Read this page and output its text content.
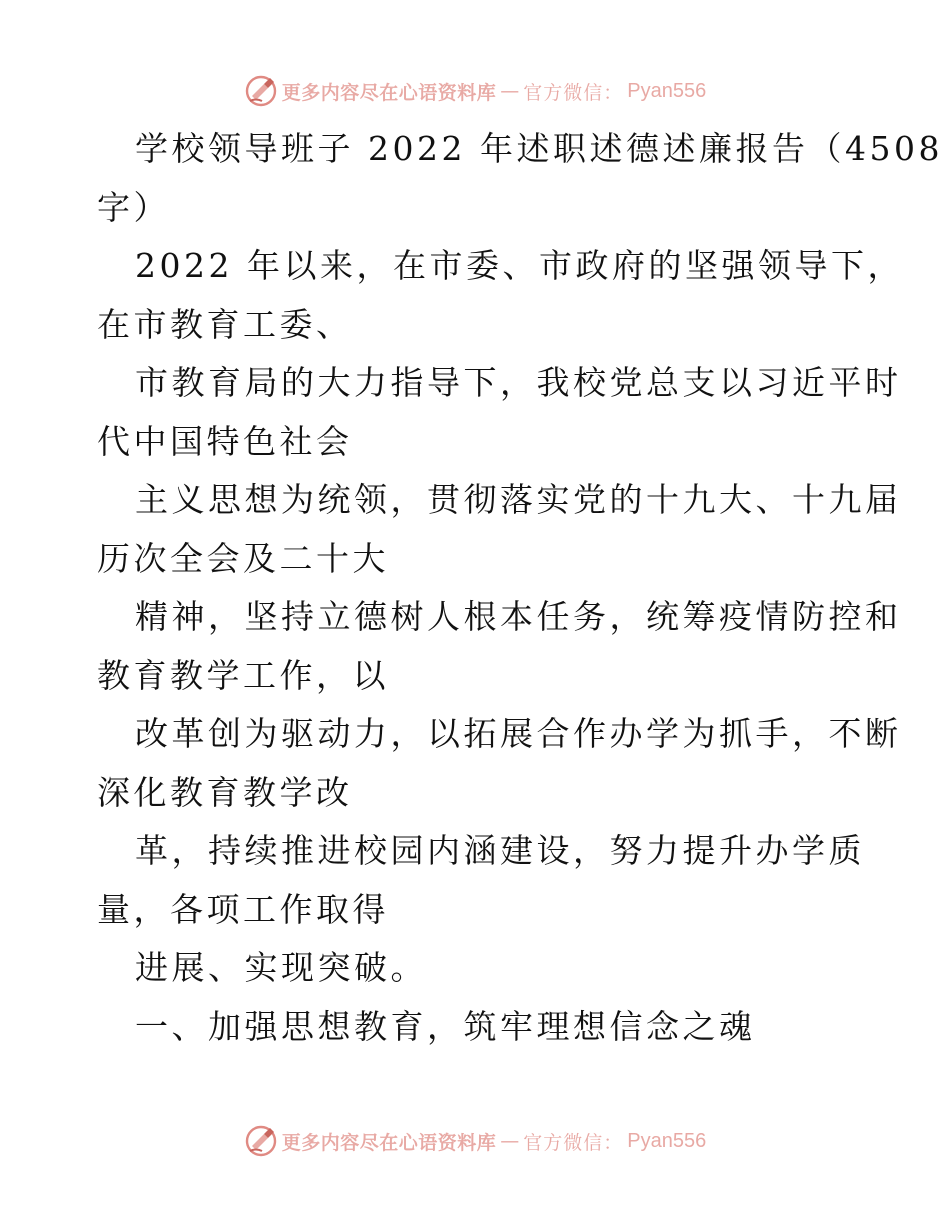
更多内容尽在心语资料库 — 官方微信： Pyan556
学校领导班子 2022 年述职述德述廉报告（4508
字）
2022 年以来，在市委、市政府的坚强领导下，
在市教育工委、
市教育局的大力指导下，我校党总支以习近平时
代中国特色社会
主义思想为统领，贯彻落实党的十九大、十九届
历次全会及二十大
精神，坚持立德树人根本任务，统筹疫情防控和
教育教学工作，以
改革创为驱动力，以拓展合作办学为抓手，不断
深化教育教学改
革，持续推进校园内涵建设，努力提升办学质
量，各项工作取得
进展、实现突破。
一、加强思想教育，筑牢理想信念之魂
更多内容尽在心语资料库 — 官方微信： Pyan556
